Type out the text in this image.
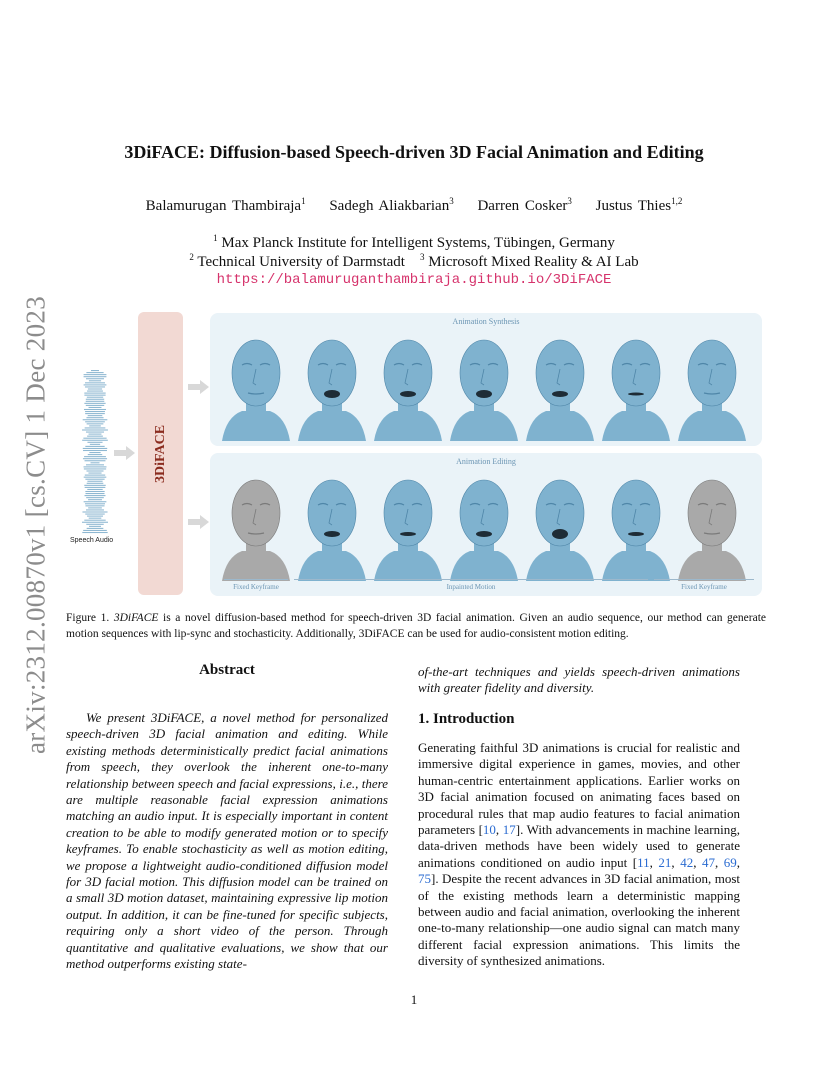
arXiv:2312.00870v1 [cs.CV] 1 Dec 2023
3DiFACE: Diffusion-based Speech-driven 3D Facial Animation and Editing
Balamurugan Thambiraja$^1$ Sadegh Aliakbarian$^3$ Darren Cosker$^3$ Justus Thies$^{1,2}$
$^1$ Max Planck Institute for Intelligent Systems, Tübingen, Germany
$^2$ Technical University of Darmstadt $^3$ Microsoft Mixed Reality & AI Lab
https://balamuruganthambiraja.github.io/3DiFACE
Speech Audio
3DiFACE
Animation Synthesis
Animation Editing
Fixed Keyframe	Inpainted Motion	Fixed Keyframe
Figure 1. 3DiFACE is a novel diffusion-based method for speech-driven 3D facial animation. Given an audio sequence, our method can generate motion sequences with lip-sync and stochasticity. Additionally, 3DiFACE can be used for audio-consistent motion editing.
Abstract
We present 3DiFACE, a novel method for personalized speech-driven 3D facial animation and editing. While existing methods deterministically predict facial animations from speech, they overlook the inherent one-to-many relationship between speech and facial expressions, i.e., there are multiple reasonable facial expression animations matching an audio input. It is especially important in content creation to be able to modify generated motion or to specify keyframes. To enable stochasticity as well as motion editing, we propose a lightweight audio-conditioned diffusion model for 3D facial motion. This diffusion model can be trained on a small 3D motion dataset, maintaining expressive lip motion output. In addition, it can be fine-tuned for specific subjects, requiring only a short video of the person. Through quantitative and qualitative evaluations, we show that our method outperforms existing state-
of-the-art techniques and yields speech-driven animations with greater fidelity and diversity.
1. Introduction
Generating faithful 3D animations is crucial for realistic and immersive digital experience in games, movies, and other human-centric entertainment applications. Earlier works on 3D facial animation focused on animating faces based on procedural rules that map audio features to facial animation parameters [10, 17]. With advancements in machine learning, data-driven methods have been widely used to generate animations conditioned on audio input [11, 21, 42, 47, 69, 75]. Despite the recent advances in 3D facial animation, most of the existing methods learn a deterministic mapping between audio and facial animation, overlooking the inherent one-to-many relationship—one audio signal can match many different facial expression animations. This limits the diversity of synthesized animations.
1
